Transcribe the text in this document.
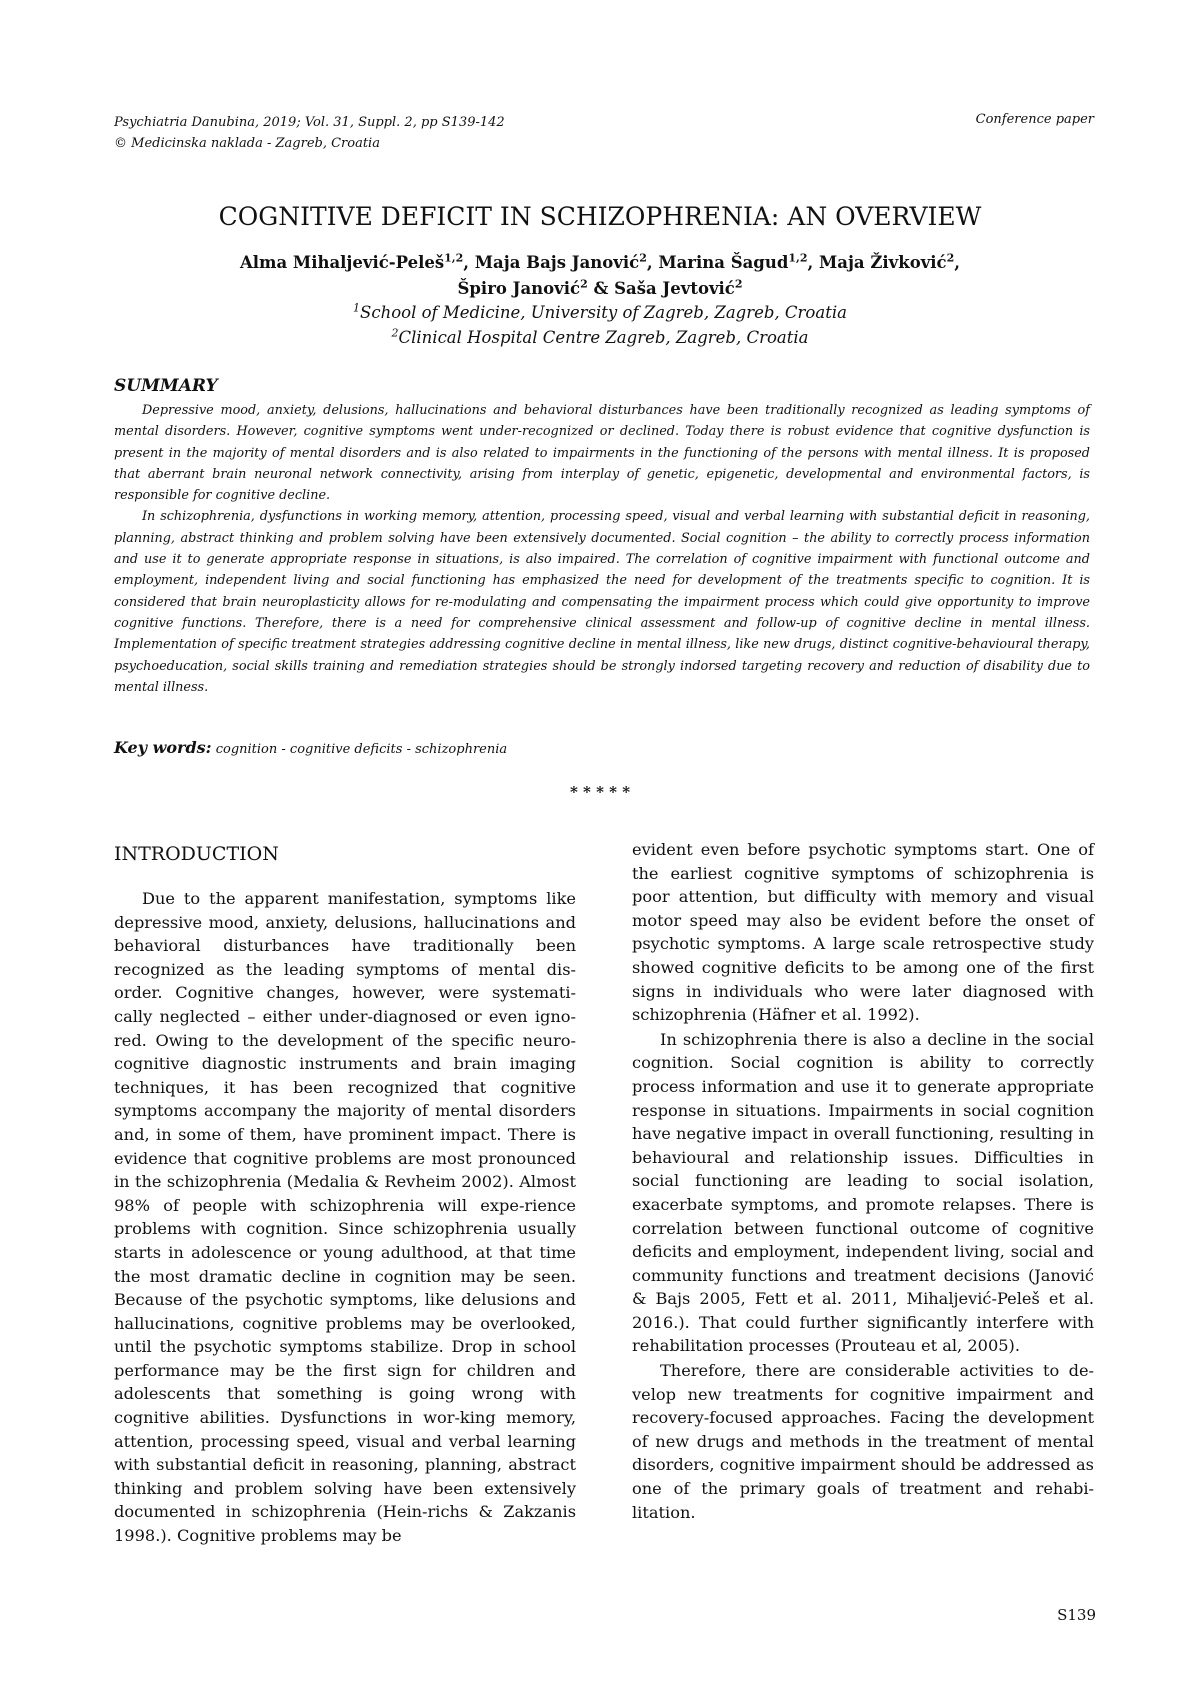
Psychiatria Danubina, 2019; Vol. 31, Suppl. 2, pp S139-142
© Medicinska naklada - Zagreb, Croatia
Conference paper
COGNITIVE DEFICIT IN SCHIZOPHRENIA: AN OVERVIEW
Alma Mihaljević-Peleš$^{1,2}$, Maja Bajs Janović$^2$, Marina Šagud$^{1,2}$, Maja Živković$^2$,
Špiro Janović$^2$ & Saša Jevtović$^2$
$^1$School of Medicine, University of Zagreb, Zagreb, Croatia
$^2$Clinical Hospital Centre Zagreb, Zagreb, Croatia
SUMMARY

Depressive mood, anxiety, delusions, hallucinations and behavioral disturbances have been traditionally recognized as leading symptoms of mental disorders. However, cognitive symptoms went under-recognized or declined. Today there is robust evidence that cognitive dysfunction is present in the majority of mental disorders and is also related to impairments in the functioning of the persons with mental illness. It is proposed that aberrant brain neuronal network connectivity, arising from interplay of genetic, epigenetic, developmental and environmental factors, is responsible for cognitive decline.

In schizophrenia, dysfunctions in working memory, attention, processing speed, visual and verbal learning with substantial deficit in reasoning, planning, abstract thinking and problem solving have been extensively documented. Social cognition – the ability to correctly process information and use it to generate appropriate response in situations, is also impaired. The correlation of cognitive impairment with functional outcome and employment, independent living and social functioning has emphasized the need for development of the treatments specific to cognition. It is considered that brain neuroplasticity allows for re-modulating and compensating the impairment process which could give opportunity to improve cognitive functions. Therefore, there is a need for comprehensive clinical assessment and follow-up of cognitive decline in mental illness. Implementation of specific treatment strategies addressing cognitive decline in mental illness, like new drugs, distinct cognitive-behavioural therapy, psychoeducation, social skills training and remediation strategies should be strongly indorsed targeting recovery and reduction of disability due to mental illness.

Key words: cognition - cognitive deficits - schizophrenia
* * * * *
INTRODUCTION

Due to the apparent manifestation, symptoms like depressive mood, anxiety, delusions, hallucinations and behavioral disturbances have traditionally been recognized as the leading symptoms of mental dis-order. Cognitive changes, however, were systemati-cally neglected – either under-diagnosed or even igno-red. Owing to the development of the specific neuro-cognitive diagnostic instruments and brain imaging techniques, it has been recognized that cognitive symptoms accompany the majority of mental disorders and, in some of them, have prominent impact. There is evidence that cognitive problems are most pronounced in the schizophrenia (Medalia & Revheim 2002). Almost 98% of people with schizophrenia will expe-rience problems with cognition. Since schizophrenia usually starts in adolescence or young adulthood, at that time the most dramatic decline in cognition may be seen. Because of the psychotic symptoms, like delusions and hallucinations, cognitive problems may be overlooked, until the psychotic symptoms stabilize. Drop in school performance may be the first sign for children and adolescents that something is going wrong with cognitive abilities. Dysfunctions in wor-king memory, attention, processing speed, visual and verbal learning with substantial deficit in reasoning, planning, abstract thinking and problem solving have been extensively documented in schizophrenia (Hein-richs & Zakzanis 1998.). Cognitive problems may be

evident even before psychotic symptoms start. One of the earliest cognitive symptoms of schizophrenia is poor attention, but difficulty with memory and visual motor speed may also be evident before the onset of psychotic symptoms. A large scale retrospective study showed cognitive deficits to be among one of the first signs in individuals who were later diagnosed with schizophrenia (Häfner et al. 1992).

In schizophrenia there is also a decline in the social cognition. Social cognition is ability to correctly process information and use it to generate appropriate response in situations. Impairments in social cognition have negative impact in overall functioning, resulting in behavioural and relationship issues. Difficulties in social functioning are leading to social isolation, exacerbate symptoms, and promote relapses. There is correlation between functional outcome of cognitive deficits and employment, independent living, social and community functions and treatment decisions (Janović & Bajs 2005, Fett et al. 2011, Mihaljević-Peleš et al. 2016.). That could further significantly interfere with rehabilitation processes (Prouteau et al, 2005).

Therefore, there are considerable activities to de-velop new treatments for cognitive impairment and recovery-focused approaches. Facing the development of new drugs and methods in the treatment of mental disorders, cognitive impairment should be addressed as one of the primary goals of treatment and rehabi-litation.

S139
